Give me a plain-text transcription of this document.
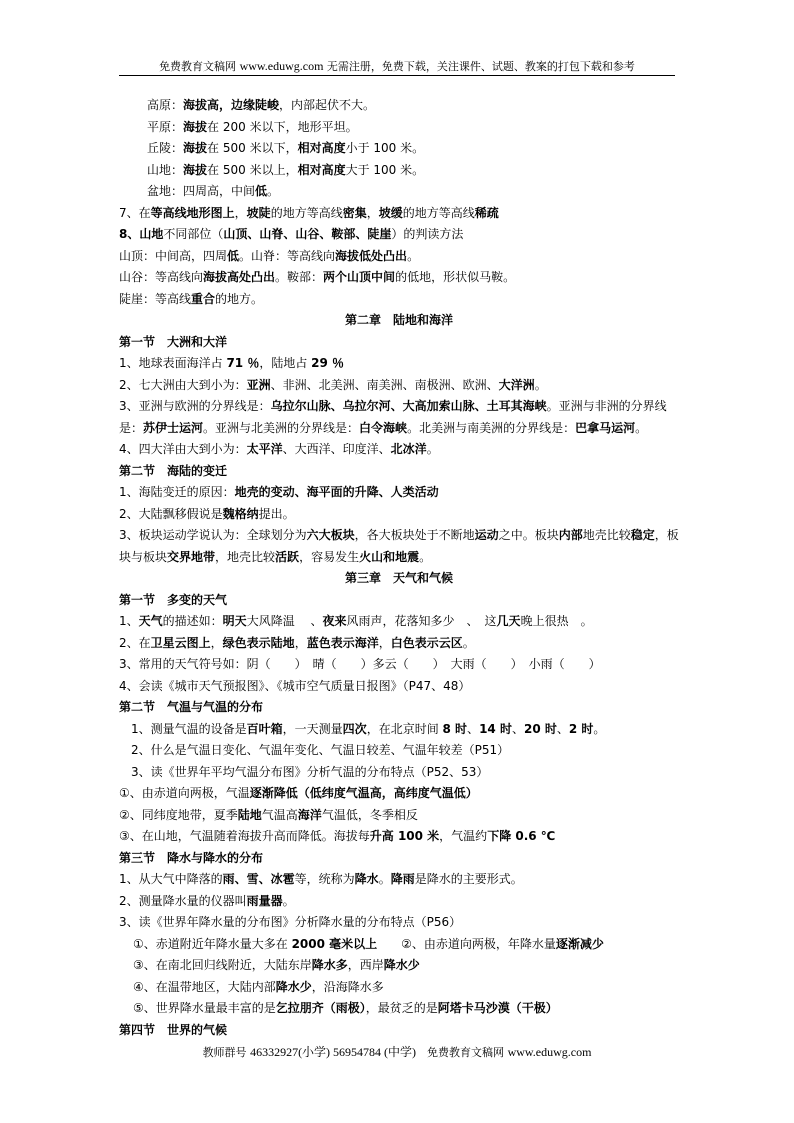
免费教育文稿网 www.eduwg.com 无需注册，免费下载，关注课件、试题、教案的打包下载和参考
高原：海拔高，边缘陡峻，内部起伏不大。
平原：海拔在 200 米以下，地形平坦。
丘陵：海拔在 500 米以下，相对高度小于 100 米。
山地：海拔在 500 米以上，相对高度大于 100 米。
盆地：四周高，中间低。
7、在等高线地形图上，坡陡的地方等高线密集，坡缓的地方等高线稀疏
8、山地不同部位（山顶、山脊、山谷、鞍部、陡崖）的判读方法
山顶：中间高，四周低。山脊：等高线向海拔低处凸出。
山谷：等高线向海拔高处凸出。鞍部：两个山顶中间的低地，形状似马鞍。
陡崖：等高线重合的地方。
第二章　陆地和海洋
第一节　大洲和大洋
1、地球表面海洋占 71 ％，陆地占 29 ％
2、七大洲由大到小为：亚洲、非洲、北美洲、南美洲、南极洲、欧洲、大洋洲。
3、亚洲与欧洲的分界线是：乌拉尔山脉、乌拉尔河、大高加索山脉、土耳其海峡。亚洲与非洲的分界线是：苏伊士运河。亚洲与北美洲的分界线是：白令海峡。北美洲与南美洲的分界线是：巴拿马运河。
4、四大洋由大到小为：太平洋、大西洋、印度洋、北冰洋。
第二节　海陆的变迁
1、海陆变迁的原因：地壳的变动、海平面的升降、人类活动
2、大陆飘移假说是魏格纳提出。
3、板块运动学说认为：全球划分为六大板块，各大板块处于不断地运动之中。板块内部地壳比较稳定，板块与板块交界地带，地壳比较活跃，容易发生火山和地震。
第三章　天气和气候
第一节　多变的天气
1、天气的描述如：明天大风降温 　、夜来风雨声，花落知多少　、　这几天晚上很热　。
2、在卫星云图上，绿色表示陆地，蓝色表示海洋，白色表示云区。
3、常用的天气符号如：阴（　　）　晴（　　）多云（　　）　大雨（　　）　小雨（　　）
4、会读《城市天气预报图》、《城市空气质量日报图》（P47、48）
第二节　气温与气温的分布
1、测量气温的设备是百叶箱，一天测量四次，在北京时间 8 时、14 时、20 时、2 时。
2、什么是气温日变化、气温年变化、气温日较差、气温年较差（P51）
3、读《世界年平均气温分布图》分析气温的分布特点（P52、53）
①、由赤道向两极，气温逐渐降低（低纬度气温高，高纬度气温低）
②、同纬度地带，夏季陆地气温高海洋气温低，冬季相反
③、在山地，气温随着海拔升高而降低。海拔每升高 100 米，气温约下降 0.6 ℃
第三节　降水与降水的分布
1、从大气中降落的雨、雪、冰雹等，统称为降水。降雨是降水的主要形式。
2、测量降水量的仪器叫雨量器。
3、读《世界年降水量的分布图》分析降水量的分布特点（P56）
①、赤道附近年降水量大多在 2000 毫米以上　　②、由赤道向两极，年降水量逐渐减少
③、在南北回归线附近，大陆东岸降水多，西岸降水少
④、在温带地区，大陆内部降水少，沿海降水多
⑤、世界降水量最丰富的是乞拉朋齐（雨极），最贫乏的是阿塔卡马沙漠（干极）
第四节　世界的气候
教师群号 46332927(小学) 56954784 (中学)　免费教育文稿网 www.eduwg.com
